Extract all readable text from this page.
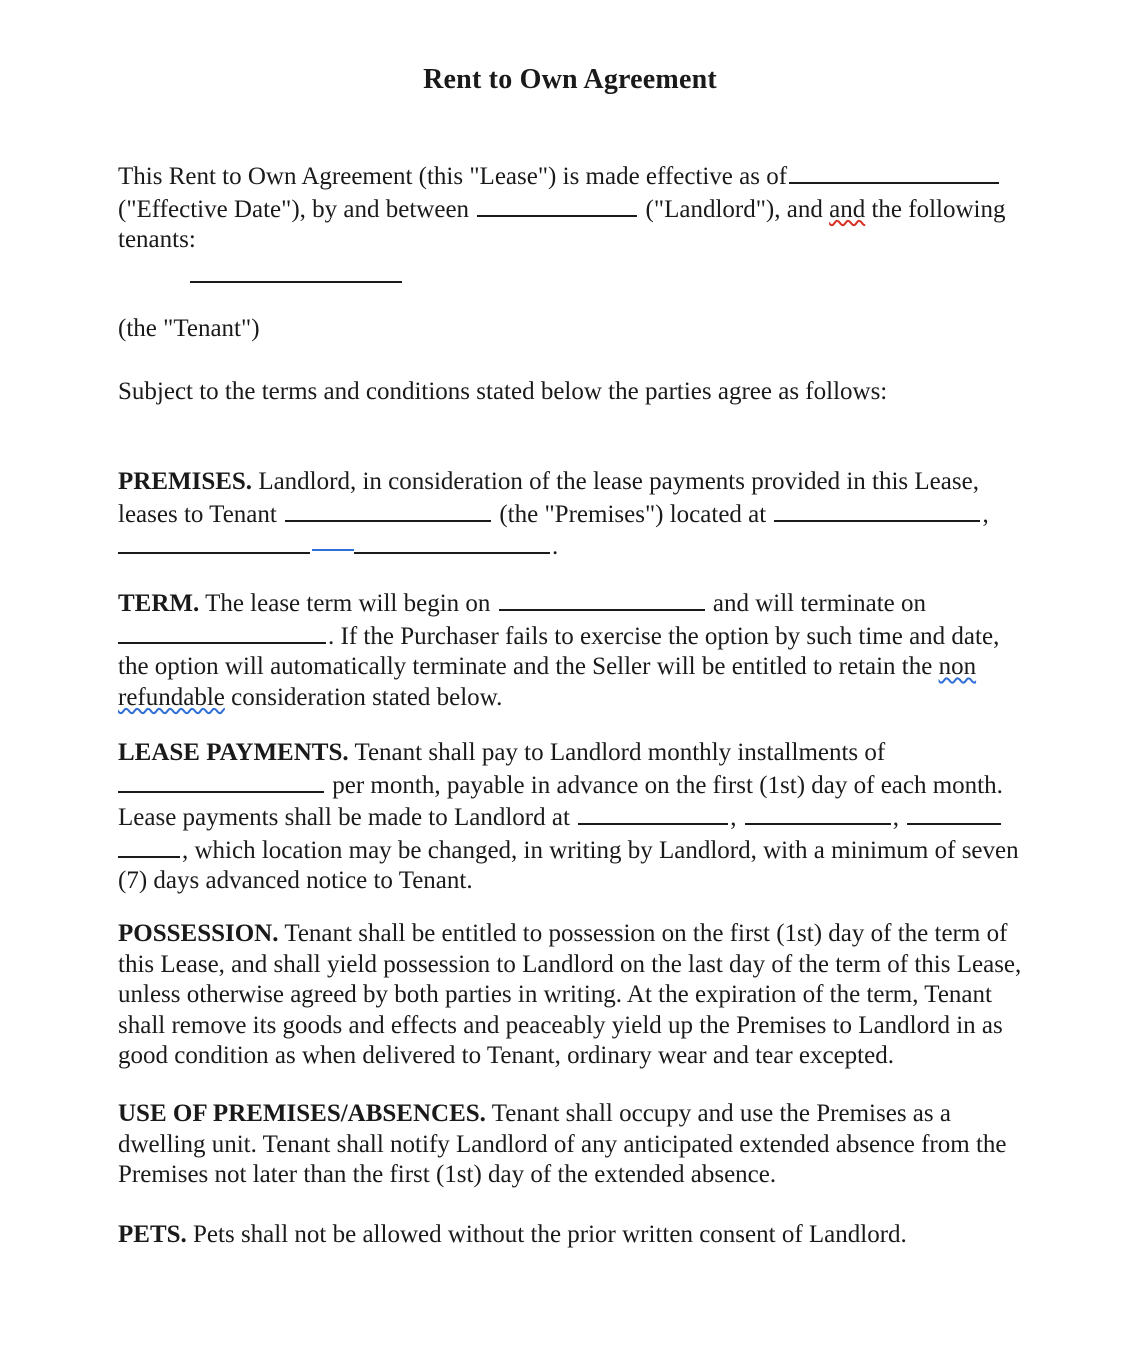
Rent to Own Agreement
This Rent to Own Agreement (this "Lease") is made effective as of
("Effective Date"), by and between	("Landlord"), and and the following
tenants:
(the "Tenant")
Subject to the terms and conditions stated below the parties agree as follows:
PREMISES. Landlord, in consideration of the lease payments provided in this Lease,
leases to Tenant	(the "Premises") located at	,
.
TERM. The lease term will begin on	and will terminate on
. If the Purchaser fails to exercise the option by such time and date,
the option will automatically terminate and the Seller will be entitled to retain the non
refundable consideration stated below.
LEASE PAYMENTS. Tenant shall pay to Landlord monthly installments of
per month, payable in advance on the first (1st) day of each month.
Lease payments shall be made to Landlord at	,	,
, which location may be changed, in writing by Landlord, with a minimum of seven
(7) days advanced notice to Tenant.
POSSESSION. Tenant shall be entitled to possession on the first (1st) day of the term of
this Lease, and shall yield possession to Landlord on the last day of the term of this Lease,
unless otherwise agreed by both parties in writing. At the expiration of the term, Tenant
shall remove its goods and effects and peaceably yield up the Premises to Landlord in as
good condition as when delivered to Tenant, ordinary wear and tear excepted.
USE OF PREMISES/ABSENCES. Tenant shall occupy and use the Premises as a
dwelling unit. Tenant shall notify Landlord of any anticipated extended absence from the
Premises not later than the first (1st) day of the extended absence.
PETS. Pets shall not be allowed without the prior written consent of Landlord.
